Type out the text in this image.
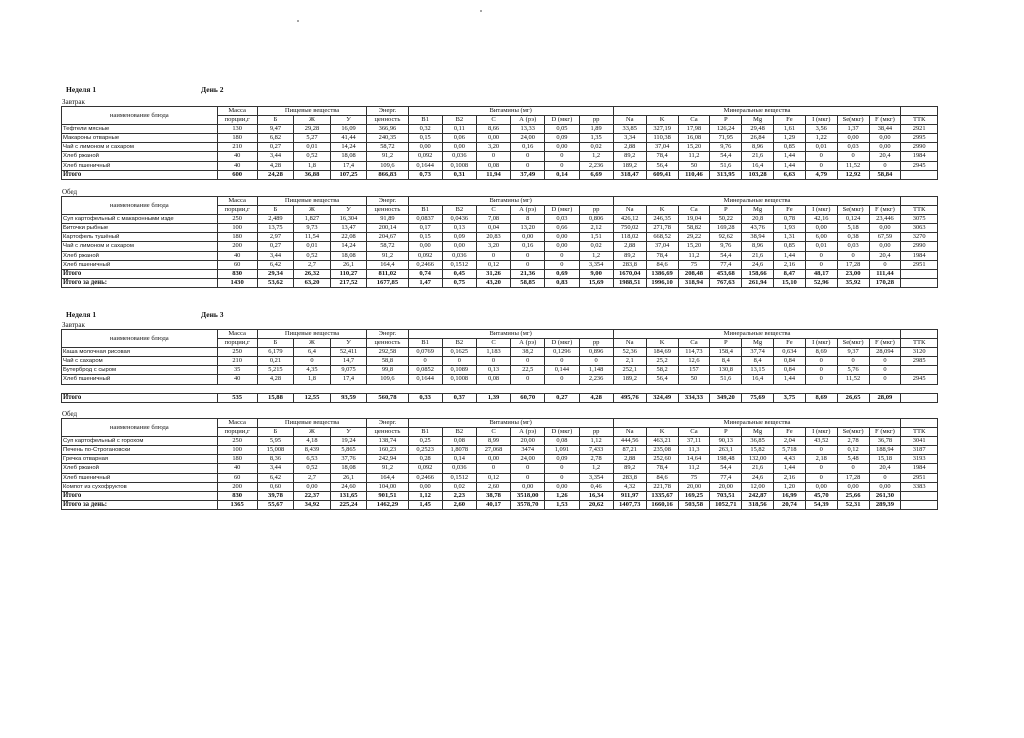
Неделя 1	День 2
Завтрак
наименование блюда	Масса	Пищевые вещества			Энерг.	Витамины (мг)						Минеральные вещества									
	порции,г	Б	Ж	У	ценность	B1	B2	C	А (рэ)	D (мкг)	pp	Na	K	Ca	P	Mg	Fe	I (мкг)	Se(мкг)	F (мкг)	ТТК
Тефтели мясные	130	9,47	29,28	16,09	366,96	0,32	0,11	8,66	13,33	0,05	1,89	33,85	327,19	17,98	126,24	29,48	1,61	3,56	1,37	38,44	2921
Макароны отварные	180	6,82	5,27	41,44	240,35	0,15	0,06	0,00	24,00	0,09	1,35	3,34	110,38	16,08	71,95	26,84	1,29	1,22	0,00	0,00	2995
Чай с лимоном и сахаром	210	0,27	0,01	14,24	58,72	0,00	0,00	3,20	0,16	0,00	0,02	2,88	37,04	15,20	9,76	8,96	0,85	0,01	0,03	0,00	2990
Хлеб ржаной	40	3,44	0,52	18,08	91,2	0,092	0,036	0	0	0	1,2	89,2	78,4	11,2	54,4	21,6	1,44	0	0	20,4	1984
Хлеб пшеничный	40	4,28	1,8	17,4	109,6	0,1644	0,1008	0,08	0	0	2,236	189,2	56,4	50	51,6	16,4	1,44	0	11,52	0	2945
Итого	600	24,28	36,88	107,25	866,83	0,73	0,31	11,94	37,49	0,14	6,69	318,47	609,41	110,46	313,95	103,28	6,63	4,79	12,92	58,84	
Обед
наименование блюда	Масса	Пищевые вещества			Энерг.	Витамины (мг)						Минеральные вещества									
	порции,г	Б	Ж	У	ценность	B1	B2	C	А (рэ)	D (мкг)	pp	Na	K	Ca	P	Mg	Fe	I (мкг)	Se(мкг)	F (мкг)	ТТК
Суп картофельный с макаронными изде	250	2,489	1,827	16,304	91,89	0,0837	0,0436	7,08	8	0,03	0,806	426,12	246,35	19,04	50,22	20,8	0,78	42,16	0,124	23,446	3075
Биточки рыбные	100	13,75	9,73	13,47	200,14	0,17	0,13	0,04	13,20	0,66	2,12	750,02	271,78	58,82	169,28	43,76	1,93	0,00	5,18	0,00	3063
Картофель тушёный	180	2,97	11,54	22,08	204,67	0,15	0,09	20,83	0,00	0,00	1,51	118,02	668,52	29,22	92,62	38,94	1,31	6,00	0,38	67,59	3270
Чай с лимоном и сахаром	200	0,27	0,01	14,24	58,72	0,00	0,00	3,20	0,16	0,00	0,02	2,88	37,04	15,20	9,76	8,96	0,85	0,01	0,03	0,00	2990
Хлеб ржаной	40	3,44	0,52	18,08	91,2	0,092	0,036	0	0	0	1,2	89,2	78,4	11,2	54,4	21,6	1,44	0	0	20,4	1984
Хлеб пшеничный	60	6,42	2,7	26,1	164,4	0,2466	0,1512	0,12	0	0	3,354	283,8	84,6	75	77,4	24,6	2,16	0	17,28	0	2951
Итого	830	29,34	26,32	110,27	811,02	0,74	0,45	31,26	21,36	0,69	9,00	1670,04	1386,69	208,48	453,68	158,66	8,47	48,17	23,00	111,44	
Итого за день:	1430	53,62	63,20	217,52	1677,85	1,47	0,75	43,20	58,85	0,83	15,69	1988,51	1996,10	318,94	767,63	261,94	15,10	52,96	35,92	170,28	
Неделя 1	День 3
Завтрак
наименование блюда	Масса	Пищевые вещества			Энерг.	Витамины (мг)						Минеральные вещества									
	порции,г	Б	Ж	У	ценность	B1	B2	C	А (рэ)	D (мкг)	pp	Na	K	Ca	P	Mg	Fe	I (мкг)	Se(мкг)	F (мкг)	ТТК
Каша молочная рисовая	250	6,179	6,4	52,411	292,58	0,0769	0,1625	1,183	38,2	0,1296	0,896	52,36	184,69	114,73	158,4	37,74	0,634	8,69	9,37	28,094	3120
Чай с сахаром	210	0,21	0	14,7	58,8	0	0	0	0	0	0	2,1	25,2	12,6	8,4	8,4	0,84	0	0	0	2985
Бутерброд с сыром	35	5,215	4,35	9,075	99,8	0,0852	0,1089	0,13	22,5	0,144	1,148	252,1	58,2	157	130,8	13,15	0,84	0	5,76	0	
Хлеб пшеничный	40	4,28	1,8	17,4	109,6	0,1644	0,1008	0,08	0	0	2,236	189,2	56,4	50	51,6	16,4	1,44	0	11,52	0	2945

Итого	535	15,88	12,55	93,59	560,78	0,33	0,37	1,39	60,70	0,27	4,28	495,76	324,49	334,33	349,20	75,69	3,75	8,69	26,65	28,09	
Обед
наименование блюда	Масса	Пищевые вещества			Энерг.	Витамины (мг)						Минеральные вещества									
	порции,г	Б	Ж	У	ценность	B1	B2	C	А (рэ)	D (мкг)	pp	Na	K	Ca	P	Mg	Fe	I (мкг)	Se(мкг)	F (мкг)	ТТК
Суп картофельный с горохом	250	5,95	4,18	19,24	138,74	0,25	0,08	8,99	20,00	0,08	1,12	444,56	463,21	37,11	90,13	36,85	2,04	43,52	2,78	36,78	3041
Печень по-Строгановски	100	15,008	8,439	5,865	160,23	0,2523	1,8078	27,068	3474	1,091	7,433	87,21	235,08	11,3	263,1	15,82	5,718	0	0,12	188,94	3187
Гречка отварная	180	8,36	6,53	37,76	242,94	0,28	0,14	0,00	24,00	0,09	2,78	2,88	252,60	14,64	198,48	132,00	4,43	2,18	5,48	15,18	3193
Хлеб ржаной	40	3,44	0,52	18,08	91,2	0,092	0,036	0	0	0	1,2	89,2	78,4	11,2	54,4	21,6	1,44	0	0	20,4	1984
Хлеб пшеничный	60	6,42	2,7	26,1	164,4	0,2466	0,1512	0,12	0	0	3,354	283,8	84,6	75	77,4	24,6	2,16	0	17,28	0	2951
Компот из сухофруктов	200	0,60	0,00	24,60	104,00	0,00	0,02	2,60	0,00	0,00	0,46	4,32	221,78	20,00	20,00	12,00	1,20	0,00	0,00	0,00	3383
Итого	830	39,78	22,37	131,65	901,51	1,12	2,23	38,78	3518,00	1,26	16,34	911,97	1335,67	169,25	703,51	242,87	16,99	45,70	25,66	261,30	
Итого за день:	1365	55,67	34,92	225,24	1462,29	1,45	2,60	40,17	3578,70	1,53	20,62	1407,73	1660,16	503,58	1052,71	318,56	20,74	54,39	52,31	289,39	
